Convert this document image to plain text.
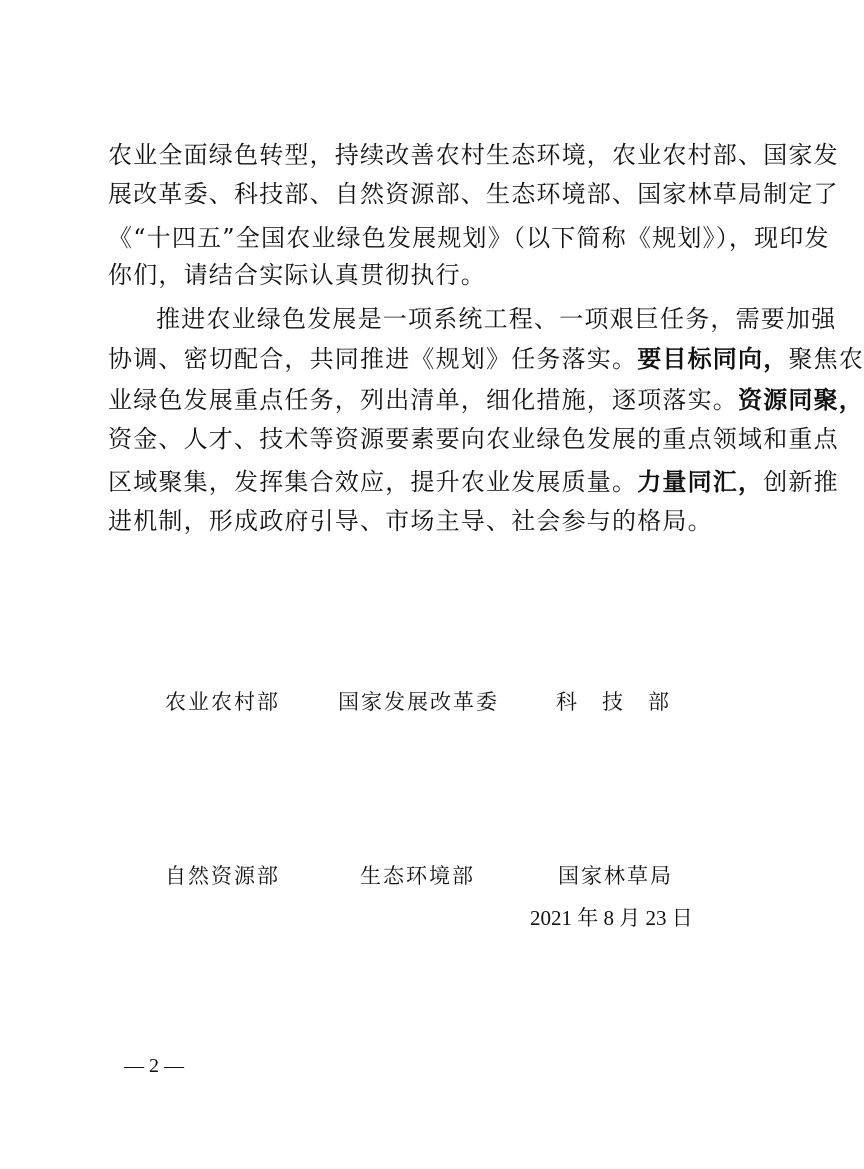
农业全面绿色转型，持续改善农村生态环境，农业农村部、国家发
展改革委、科技部、自然资源部、生态环境部、国家林草局制定了
《“十四五”全国农业绿色发展规划》（以下简称《规划》），现印发
你们，请结合实际认真贯彻执行。
推进农业绿色发展是一项系统工程、一项艰巨任务，需要加强
协调、密切配合，共同推进《规划》任务落实。要目标同向，聚焦农
业绿色发展重点任务，列出清单，细化措施，逐项落实。资源同聚，
资金、人才、技术等资源要素要向农业绿色发展的重点领域和重点
区域聚集，发挥集合效应，提升农业发展质量。力量同汇，创新推
进机制，形成政府引导、市场主导、社会参与的格局。
农业农村部	国家发展改革委	科　技　部
自然资源部	生态环境部	国家林草局
2021 年 8 月 23 日
— 2 —
